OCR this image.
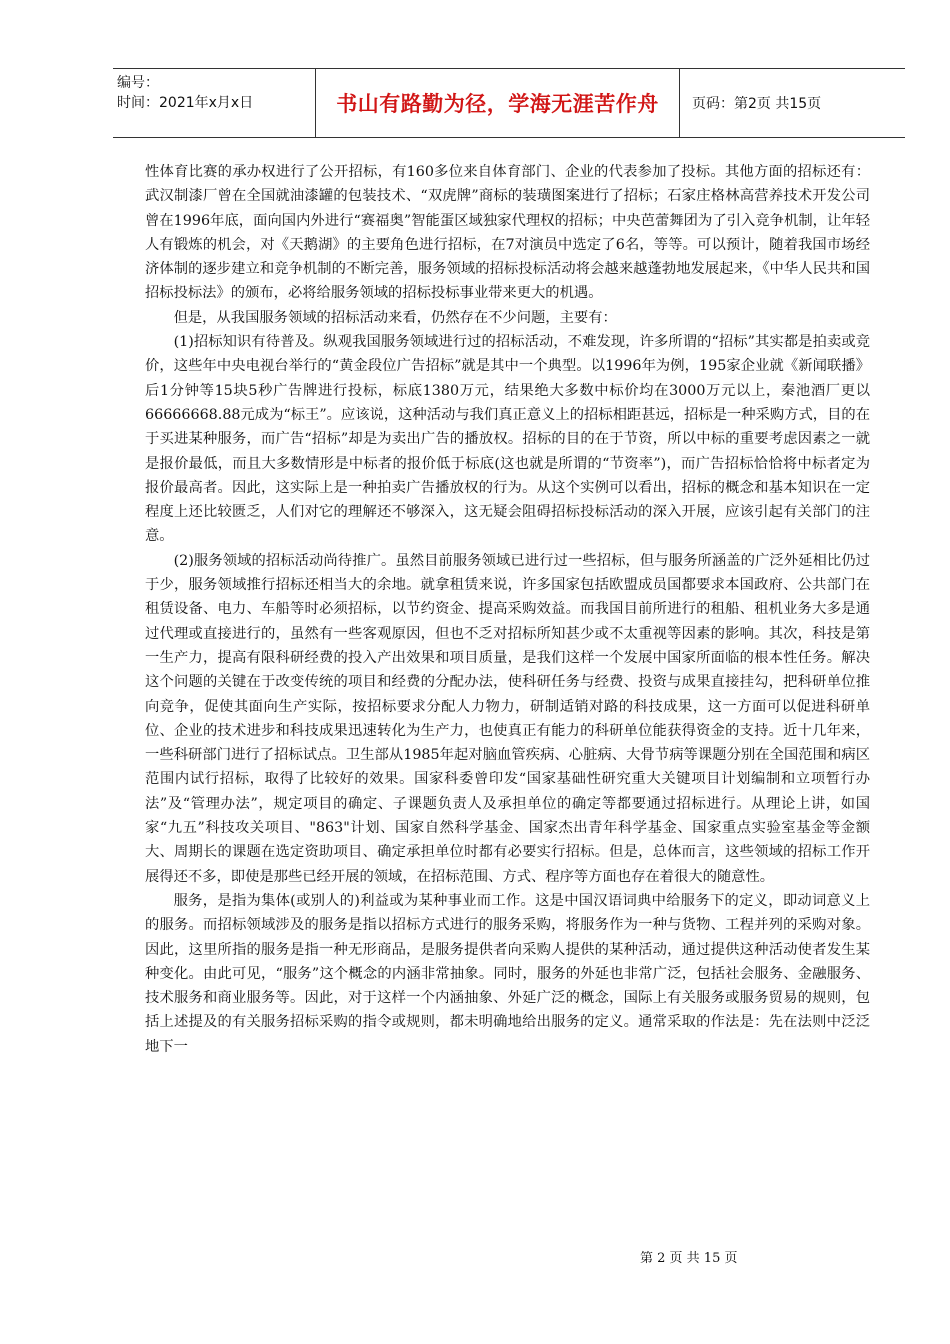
编号：
时间：2021年x月x日	书山有路勤为径，学海无涯苦作舟	页码：第2页 共15页

性体育比赛的承办权进行了公开招标，有160多位来自体育部门、企业的代表参加了投标。其他方面的招标还有：武汉制漆厂曾在全国就油漆罐的包装技术、“双虎牌”商标的装璜图案进行了招标；石家庄格林高营养技术开发公司曾在1996年底，面向国内外进行“赛福奥”智能蛋区域独家代理权的招标；中央芭蕾舞团为了引入竞争机制，让年轻人有锻炼的机会，对《天鹅湖》的主要角色进行招标，在7对演员中选定了6名，等等。可以预计，随着我国市场经济体制的逐步建立和竞争机制的不断完善，服务领域的招标投标活动将会越来越蓬勃地发展起来，《中华人民共和国招标投标法》的颁布，必将给服务领域的招标投标事业带来更大的机遇。

但是，从我国服务领域的招标活动来看，仍然存在不少问题，主要有：

(1)招标知识有待普及。纵观我国服务领域进行过的招标活动，不难发现，许多所谓的“招标”其实都是拍卖或竞价，这些年中央电视台举行的“黄金段位广告招标”就是其中一个典型。以1996年为例，195家企业就《新闻联播》后1分钟等15块5秒广告牌进行投标，标底1380万元，结果绝大多数中标价均在3000万元以上，秦池酒厂更以66666668.88元成为“标王”。应该说，这种活动与我们真正意义上的招标相距甚远，招标是一种采购方式，目的在于买进某种服务，而广告“招标”却是为卖出广告的播放权。招标的目的在于节资，所以中标的重要考虑因素之一就是报价最低，而且大多数情形是中标者的报价低于标底(这也就是所谓的“节资率”)，而广告招标恰恰将中标者定为报价最高者。因此，这实际上是一种拍卖广告播放权的行为。从这个实例可以看出，招标的概念和基本知识在一定程度上还比较匮乏，人们对它的理解还不够深入，这无疑会阻碍招标投标活动的深入开展，应该引起有关部门的注意。

(2)服务领域的招标活动尚待推广。虽然目前服务领域已进行过一些招标，但与服务所涵盖的广泛外延相比仍过于少，服务领域推行招标还相当大的余地。就拿租赁来说，许多国家包括欧盟成员国都要求本国政府、公共部门在租赁设备、电力、车船等时必须招标，以节约资金、提高采购效益。而我国目前所进行的租船、租机业务大多是通过代理或直接进行的，虽然有一些客观原因，但也不乏对招标所知甚少或不太重视等因素的影响。其次，科技是第一生产力，提高有限科研经费的投入产出效果和项目质量，是我们这样一个发展中国家所面临的根本性任务。解决这个问题的关键在于改变传统的项目和经费的分配办法，使科研任务与经费、投资与成果直接挂勾，把科研单位推向竞争，促使其面向生产实际，按招标要求分配人力物力，研制适销对路的科技成果，这一方面可以促进科研单位、企业的技术进步和科技成果迅速转化为生产力，也使真正有能力的科研单位能获得资金的支持。近十几年来，一些科研部门进行了招标试点。卫生部从1985年起对脑血管疾病、心脏病、大骨节病等课题分别在全国范围和病区范围内试行招标，取得了比较好的效果。国家科委曾印发“国家基础性研究重大关键项目计划编制和立项暂行办法”及“管理办法”，规定项目的确定、子课题负责人及承担单位的确定等都要通过招标进行。从理论上讲，如国家“九五”科技攻关项目、"863"计划、国家自然科学基金、国家杰出青年科学基金、国家重点实验室基金等金额大、周期长的课题在选定资助项目、确定承担单位时都有必要实行招标。但是，总体而言，这些领域的招标工作开展得还不多，即使是那些已经开展的领域，在招标范围、方式、程序等方面也存在着很大的随意性。

服务，是指为集体(或别人的)利益或为某种事业而工作。这是中国汉语词典中给服务下的定义，即动词意义上的服务。而招标领域涉及的服务是指以招标方式进行的服务采购，将服务作为一种与货物、工程并列的采购对象。因此，这里所指的服务是指一种无形商品，是服务提供者向采购人提供的某种活动，通过提供这种活动使者发生某种变化。由此可见，“服务”这个概念的内涵非常抽象。同时，服务的外延也非常广泛，包括社会服务、金融服务、技术服务和商业服务等。因此，对于这样一个内涵抽象、外延广泛的概念，国际上有关服务或服务贸易的规则，包括上述提及的有关服务招标采购的指令或规则，都未明确地给出服务的定义。通常采取的作法是：先在法则中泛泛地下一

第 2 页 共 15 页
